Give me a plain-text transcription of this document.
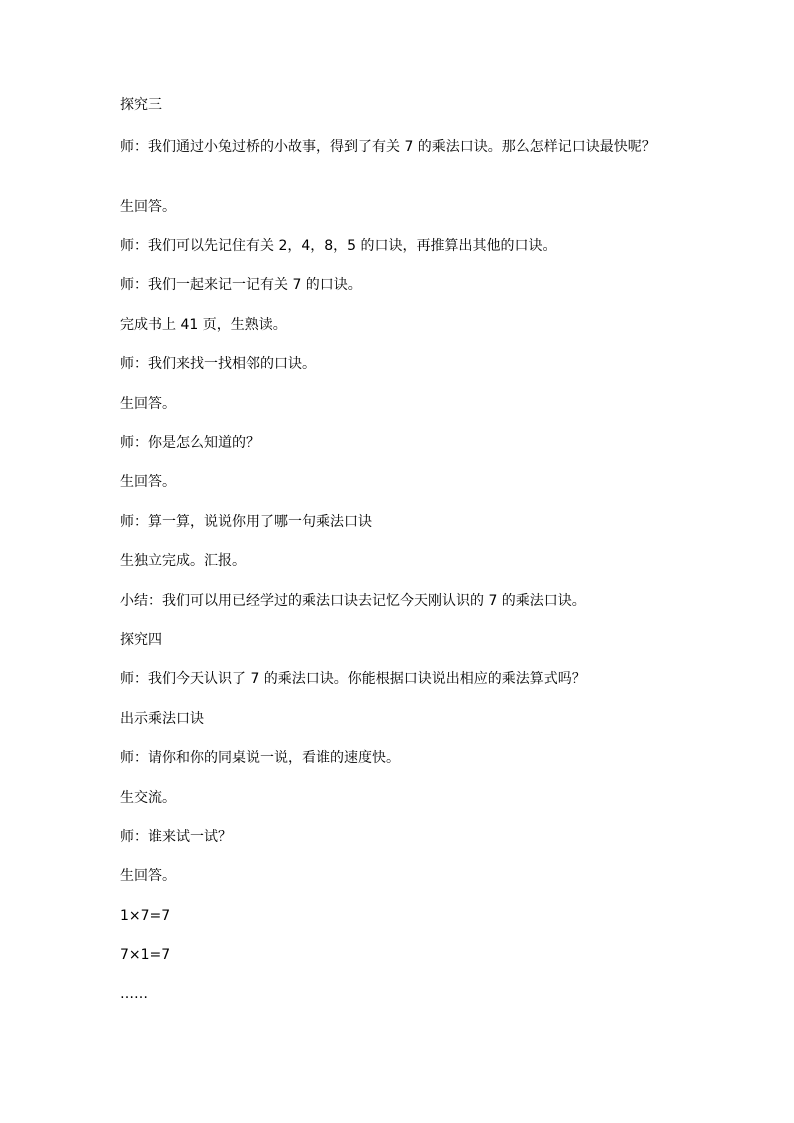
探究三
师：我们通过小兔过桥的小故事，得到了有关 7 的乘法口诀。那么怎样记口诀最快呢？
生回答。
师：我们可以先记住有关 2，4，8，5 的口诀，再推算出其他的口诀。
师：我们一起来记一记有关 7 的口诀。
完成书上 41 页，生熟读。
师：我们来找一找相邻的口诀。
生回答。
师：你是怎么知道的？
生回答。
师：算一算，说说你用了哪一句乘法口诀
生独立完成。汇报。
小结：我们可以用已经学过的乘法口诀去记忆今天刚认识的 7 的乘法口诀。
探究四
师：我们今天认识了 7 的乘法口诀。你能根据口诀说出相应的乘法算式吗？
出示乘法口诀
师：请你和你的同桌说一说，看谁的速度快。
生交流。
师：谁来试一试？
生回答。
1×7=7
7×1=7
……
